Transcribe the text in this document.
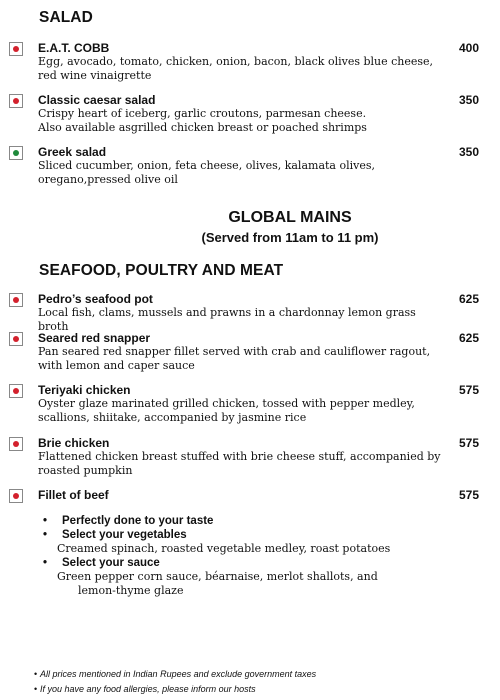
SALAD
E.A.T. COBB	400
Egg, avocado, tomato, chicken, onion, bacon, black olives blue cheese,
red wine vinaigrette
Classic caesar salad	350
Crispy heart of iceberg, garlic croutons, parmesan cheese.
Also available asgrilled chicken breast or poached shrimps
Greek salad	350
Sliced cucumber, onion, feta cheese, olives, kalamata olives,
oregano,pressed olive oil
GLOBAL MAINS
(Served from 11am to 11 pm)
SEAFOOD, POULTRY AND MEAT
Pedro’s seafood pot	625
Local fish, clams, mussels and prawns in a chardonnay lemon grass broth
Seared red snapper	625
Pan seared red snapper fillet served with crab and cauliflower ragout,
with lemon and caper sauce
Teriyaki chicken	575
Oyster glaze marinated grilled chicken, tossed with pepper medley,
scallions, shiitake, accompanied by jasmine rice
Brie chicken	575
Flattened chicken breast stuffed with brie cheese stuff, accompanied by
roasted pumpkin
Fillet of beef	575
• Perfectly done to your taste
• Select your vegetables
Creamed spinach, roasted vegetable medley, roast potatoes
• Select your sauce
Green pepper corn sauce, béarnaise, merlot shallots, and
lemon-thyme glaze
• All prices mentioned in Indian Rupees and exclude government taxes
• If you have any food allergies, please inform our hosts
